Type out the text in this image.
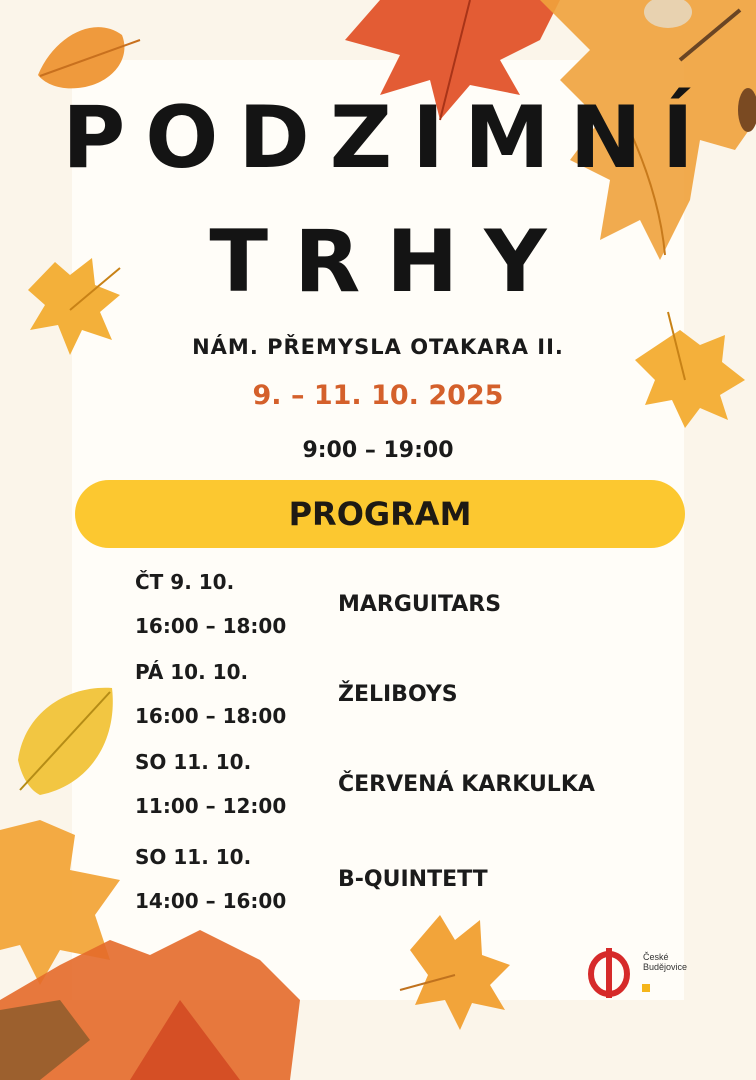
PODZIMNÍ
TRHY

NÁM. PŘEMYSLA OTAKARA II.

9. – 11. 10. 2025

9:00 – 19:00

PROGRAM

ČT 9. 10.

16:00 – 18:00

MARGUITARS

PÁ 10. 10.

16:00 – 18:00

ŽELIBOYS

SO 11. 10.

11:00 – 12:00

ČERVENÁ KARKULKA

SO 11. 10.

14:00 – 16:00

B-QUINTETT

České

Budějovice
